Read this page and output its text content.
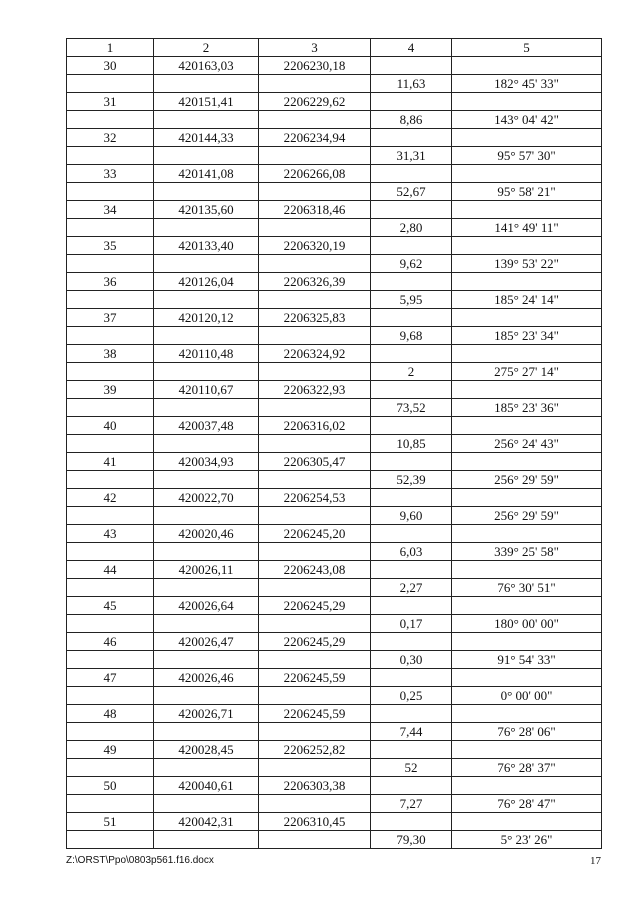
1	2	3	4	5
30	420163,03	2206230,18		
			11,63	182° 45' 33"
31	420151,41	2206229,62		
			8,86	143° 04' 42"
32	420144,33	2206234,94		
			31,31	95° 57' 30"
33	420141,08	2206266,08		
			52,67	95° 58' 21"
34	420135,60	2206318,46		
			2,80	141° 49' 11"
35	420133,40	2206320,19		
			9,62	139° 53' 22"
36	420126,04	2206326,39		
			5,95	185° 24' 14"
37	420120,12	2206325,83		
			9,68	185° 23' 34"
38	420110,48	2206324,92		
			2	275° 27' 14"
39	420110,67	2206322,93		
			73,52	185° 23' 36"
40	420037,48	2206316,02		
			10,85	256° 24' 43"
41	420034,93	2206305,47		
			52,39	256° 29' 59"
42	420022,70	2206254,53		
			9,60	256° 29' 59"
43	420020,46	2206245,20		
			6,03	339° 25' 58"
44	420026,11	2206243,08		
			2,27	76° 30' 51"
45	420026,64	2206245,29		
			0,17	180° 00' 00"
46	420026,47	2206245,29		
			0,30	91° 54' 33"
47	420026,46	2206245,59		
			0,25	0° 00' 00"
48	420026,71	2206245,59		
			7,44	76° 28' 06"
49	420028,45	2206252,82		
			52	76° 28' 37"
50	420040,61	2206303,38		
			7,27	76° 28' 47"
51	420042,31	2206310,45		
			79,30	5° 23' 26"
Z:\ORST\Ppo\0803p561.f16.docx	17
